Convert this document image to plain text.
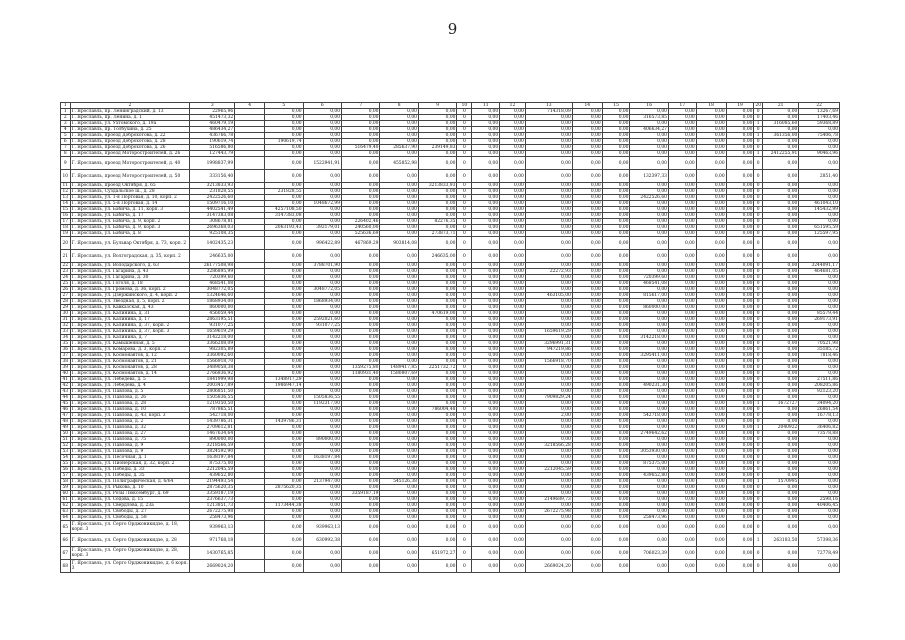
9
1	2	3	4	5	6	7	8	9	10	11	12	13	14	15	16	17	18	19	20	21	22
1	Г. Ярославль, пр. Ленинградский, д. 13	22965,96		0,00	0,00	0,00	0,00	0,00	0	0,00	0,00	714318,09	0,00	0,00	0,00	0,00	0,00	0,00	0	0,00	13267,69
2	Г. Ярославль, пр. Ленина, д. 1	451473,32		0,00	0,00	0,00	0,00	0,00	0	0,00	0,00	0,00	0,00	0,00	316573,85	0,00	0,00	0,00	0	0,00	17403,46
3	Г. Ярославль, ул. Ухтомского, д. 19а	460479,19		0,00	0,00	0,00	0,00	0,00	0	0,00	0,00	0,00	0,00	0,00	0,00	0,00	0,00	0,00	1	316085,60	59368,89
4	Г. Ярославль, пр. Толбухина, д. 25	486434,27		0,00	0,00	0,00	0,00	0,00	0	0,00	0,00	0,00	0,00	0,00	406634,27	0,00	0,00	0,00	0	0,00	0,00
5	Г. Ярославль, проезд Доброхотова, д. 22	436766,78		0,00	0,00	0,00	0,00	0,00	0	0,00	0,00	0,00	0,00	0,00	0,00	0,00	0,00	0,00	1	361356,00	75406,78
6	Г. Ярославль, проезд Доброхотова, д. 28	190619,74		190619,74	0,00	0,00	0,00	0,00	0	0,00	0,00	0,00	0,00	0,00	0,00	0,00	0,00	0,00	0	0,00	0,00
7	Г. Ярославль, проезд Доброхотова, д. 26	516586,80		0,00	0,00	516479,40	285637,90	239149,83	0	0,00	0,00	0,00	0,00	0,00	0,00	0,00	0,00	0,00	0	0,00	0,00
8	Г. Ярославль, проезд Моторостроителей, д. 26	127443,79		0,00	0,00	0,00	0,00	0,00	0	0,00	0,00	0,00	0,00	0,00	0,00	0,00	0,00	0,00	1	2412255,91	90463,96
9	Г. Ярославль, проезд Моторостроителей, д. 40	1998837,99		0,00	1522941,91	0,00	455852,98	0,00	0	0,00	0,00	0,00	0,00	0,00	0,00	0,00	0,00	0,00	0	0,00	0,00
10	Г. Ярославль, проезд Моторостроителей, д. 50	333156,40		0,00	0,00	0,00	0,00	0,00	0	0,00	0,00	0,00	0,00	0,00	132397,33	0,00	0,00	0,00	0	0,00	2851,40
11	Г. Ярославль, проезд Октября, д. 65	3213833,93		0,00	0,00	0,00	0,00	3213833,93	0	0,00	0,00	0,00	0,00	0,00	0,00	0,00	0,00	0,00	0	0,00	0,00
12	Г. Ярославль, Суздальское ш., д. 28	231828,55		231828,55	0,00	0,00	0,00	0,00	0	0,00	0,00	0,00	0,00	0,00	0,00	0,00	0,00	0,00	0	0,00	0,00
13	Г. Ярославль, ул. 1-я Портовая, д. 10, корп. 2	2422526,60		0,00	0,00	0,00	0,00	0,00	0	0,00	0,00	0,00	0,00	0,00	2422526,60	0,00	0,00	0,00	0	0,00	0,00
14	Г. Ярославль, ул. 5-я Портовая, д. 14	1509716,10		0,00	1048672,99	0,00	0,00	0,00	0	0,00	0,00	0,00	0,00	0,00	0,00	0,00	0,00	0,00	0	0,00	461043,10
15	Г. Ярославль, ул. Бабича, д. 11, корп. 3	4402541,49		4257108,50	0,00	0,00	0,00	0,00	0	0,00	0,00	0,00	0,00	0,00	0,00	0,00	0,00	0,00	0	0,00	145432,99
16	Г. Ярославль, ул. Бабича, д. 17	3147383,08		3147383,08	0,00	0,00	0,00	0,00	0	0,00	0,00	0,00	0,00	0,00	0,00	0,00	0,00	0,00	0	0,00	0,00
17	Г. Ярославль, ул. Бабича, д. 9, корп. 2	308678,81		0,00	0,00	226402,46	0,00	82276,35	0	0,00	0,00	0,00	0,00	0,00	0,00	0,00	0,00	0,00	0	0,00	0,00
18	Г. Ярославль, ул. Бабича, д. 9, корп. 3	2696368,03		2063193,43	392179,01	240560,00	0,00	0,00	0	0,00	0,00	0,00	0,00	0,00	0,00	0,00	0,00	0,00	0	0,00	651595,59
19	Г. Ярославль, ул. Бабича, д. 8	925108,35		0,00	0,00	525636,69	0,00	273873,71	0	0,00	0,00	0,00	0,00	0,00	0,00	0,00	0,00	0,00	0	0,00	125597,95
20	Г. Ярославль, ул. Бульвар Октября, д. 73, корп. 2	1402435,23		0,00	996422,89	467869,29	903814,08	0,00	0	0,00	0,00	0,00	0,00	0,00	0,00	0,00	0,00	0,00	0	0,00	0,00
21	Г. Ярославль, ул. Волгоградская, д. 35, корп. 2	246635,00		0,00	0,00	0,00	0,00	246635,00	0	0,00	0,00	0,00	0,00	0,00	0,00	0,00	0,00	0,00	0	0,00	0,00
22	Г. Ярославль, ул. Володарского, д. 63	26177508,98		0,00	3788701,90	0,00	0,00	0,00	0	0,00	0,00	0,00	0,00	0,00	0,00	0,00	0,00	0,00	0	0,00	3244091,17
23	Г. Ярославль, ул. Гагарина, д. 43	3286895,99		0,00	0,00	0,00	0,00	0,00	0	0,00	0,00	22272,93	0,00	0,00	0,00	0,00	0,00	0,00	0	0,00	464681,05
24	Г. Ярославль, ул. Гагарина, д. 30	720399,60		0,00	0,00	0,00	0,00	0,00	0	0,00	0,00	0,00	0,00	0,00	720399,60	0,00	0,00	0,00	0	0,00	0,00
25	Г. Ярославль, ул. Гоголя, д. 18	468541,08		0,00	0,00	0,00	0,00	0,00	0	0,00	0,00	0,00	0,00	0,00	468541,08	0,00	0,00	0,00	0	0,00	0,00
26	Г. Ярославль, ул. Громова, д. 36, корп. 2	3048772,05		0,00	3048772,05	0,00	0,00	0,00	0	0,00	0,00	0,00	0,00	0,00	0,00	0,00	0,00	0,00	0	0,00	0,00
27	Г. Ярославль, ул. Дзержинского, д. 4, корп. 2	1324646,60		0,00	0,00	0,00	0,00	0,00	0	0,00	0,00	463105,00	0,00	0,00	815617,00	0,00	0,00	0,00	0	0,00	0,00
28	Г. Ярославль, ул. Звездная, д. 5, корп. 2	1868934,00		0,00	1868934,00	0,00	0,00	0,00	0	0,00	0,00	0,00	0,00	0,00	0,00	0,00	0,00	0,00	0	0,00	0,00
29	Г. Ярославль, ул. Кавказская, д. 43	860000,00		0,00	0,00	0,00	0,00	0,00	0	0,00	0,00	0,00	0,00	0,00	860000,00	0,00	0,00	0,00	0	0,00	0,00
30	Г. Ярославль, ул. Калинина, д. 31	456059,44		0,00	0,00	0,00	0,00	470619,00	0	0,00	0,00	0,00	0,00	0,00	0,00	0,00	0,00	0,00	0	0,00	85579,44
31	Г. Ярославль, ул. Калинина, д. 17	2863195,51		0,00	2592021,60	0,00	0,00	0,00	0	0,00	0,00	0,00	0,00	0,00	0,00	0,00	0,00	0,00	0	0,00	269173,91
32	Г. Ярославль, ул. Калинина, д. 37, корп. 2	931077,25		0,00	931077,25	0,00	0,00	0,00	0	0,00	0,00	0,00	0,00	0,00	0,00	0,00	0,00	0,00	0	0,00	0,00
33	Г. Ярославль, ул. Калинина, д. 37, корп. 3	1659619,29		0,00	0,00	0,00	0,00	0,00	0	0,00	0,00	1659619,29	0,00	0,00	0,00	0,00	0,00	0,00	0	0,00	0,00
34	Г. Ярославль, ул. Калинина, д. 7	3142218,00		0,00	0,00	0,00	0,00	0,00	0	0,00	0,00	0,00	0,00	0,00	3142218,00	0,00	0,00	0,00	0	0,00	0,00
35	Г. Ярославль, ул. Камышенная, д. 5	3366208,09		0,00	0,00	0,00	0,00	0,00	0	0,00	0,00	3296991,31	0,00	0,00	0,00	0,00	0,00	0,00	0	0,00	70521,98
36	Г. Ярославль, ул. Комарова, д. 3, корп. 2	982305,89		0,00	0,00	0,00	0,00	0,00	0	0,00	0,00	947219,86	0,00	0,00	0,00	0,00	0,00	0,00	0	0,00	35185,72
37	Г. Ярославль, ул. Космонавтов, д. 12	3360092,60		0,00	0,00	0,00	0,00	0,00	0	0,00	0,00	0,00	0,00	0,00	3295411,00	0,00	0,00	0,00	0	0,00	7818,46
38	Г. Ярославль, ул. Космонавтов, д. 21	1566918,70		0,00	0,00	0,00	0,00	0,00	0	0,00	0,00	1566918,70	0,00	0,00	0,00	0,00	0,00	0,00	0	0,00	0,00
39	Г. Ярославль, ул. Космонавтов, д. 28	3489058,38		0,00	0,00	1359275,80	1489417,85	2251732,72	0	0,00	0,00	0,00	0,00	0,00	0,00	0,00	0,00	0,00	0	0,00	0,00
40	Г. Ярославль, ул. Космонавтов, д. 14	2766836,92		0,00	0,00	1180931,40	1580807,69	0,00	0	0,00	0,00	0,00	0,00	0,00	0,00	0,00	0,00	0,00	0	0,00	0,00
41	Г. Ярославль, ул. Лебедева, д. 5	1841999,98		1348917,29	0,00	0,00	0,00	0,00	0	0,00	0,00	0,00	0,00	0,00	0,00	0,00	0,00	0,00	0	0,00	27511,86
42	Г. Ярославль, ул. Лебедева, д. 4	2003457,89		1986947,14	0,00	0,00	0,00	0,00	0	0,00	0,00	0,00	0,00	0,00	490231,30	0,00	0,00	0,00	0	0,00	208205,86
43	Г. Ярославль, ул. Павлова, д. 5	2806851,50		0,00	0,00	0,00	0,00	0,00	0	0,00	0,00	0,00	0,00	0,00	0,00	0,00	0,00	0,00	0	0,00	92123,20
44	Г. Ярославль, ул. Павлова, д. 26	1505836,55		0,00	1505836,55	0,00	0,00	0,00	0	0,00	0,00	7909829,24	0,00	0,00	0,00	0,00	0,00	0,00	0	0,00	0,00
45	Г. Ярославль, ул. Павлова, д. 28	1219350,50		0,00	1192317,00	0,00	0,00	0,00	0	0,00	0,00	0,00	0,00	0,00	0,00	0,00	0,00	0,00	1	1672727	34094,20
46	Г. Ярославль, ул. Павлова, д. 10	787865,51		0,00	0,00	0,00	0,00	786004,48	0	0,00	0,00	0,00	0,00	0,00	0,00	0,00	0,00	0,00	0	0,00	26861,54
47	Г. Ярославль, ул. Павлова, д. 43, корп. 3	542718,00		0,00	0,00	0,00	0,00	0,00	0	0,00	0,00	2,00	0,00	0,00	542718,00	0,00	0,00	0,00	0	0,00	16778,13
48	Г. Ярославль, ул. Павлова, д. 2	1439786,31		1439786,31	0,00	0,00	0,00	0,00	0	0,00	0,00	0,00	0,00	0,00	0,00	0,00	0,00	0,00	0	0,00	0,00
49	Г. Ярославль, ул. Павлова, д. 32	2709612,81		0,00	0,00	0,00	0,00	0,00	0	0,00	0,00	0,00	0,00	0,00	0,00	0,00	0,00	0,00	1	2040922	36406,82
50	Г. Ярославль, ул. Павлова, д. 27	1467634,64		0,00	0,00	0,00	0,00	0,00	0	0,00	0,00	0,00	0,00	0,00	2749642,62	0,00	0,00	0,00	0	0,00	73578,88
51	Г. Ярославль, ул. Павлова, д. 75	890000,00		0,00	890000,00	0,00	0,00	0,00	0	0,00	0,00	0,00	0,00	0,00	0,00	0,00	0,00	0,00	0	0,00	0,00
52	Г. Ярославль, ул. Павлова, д. 9	3218566,59		0,00	0,00	0,00	0,00	0,00	0	0,00	0,00	3218566,28	0,00	0,00	0,00	0,00	0,00	0,00	0	0,00	0,00
53	Г. Ярославль, ул. Павлова, д. 9	3824592,90		0,00	0,00	0,00	0,00	0,00	0	0,00	0,00	0,00	0,00	0,00	3053930,00	0,00	0,00	0,00	0	0,00	0,00
54	Г. Ярославль, ул. Песочная, д. 1	1638197,84		0,00	1638197,84	0,00	0,00	0,00	0	0,00	0,00	0,00	0,00	0,00	0,00	0,00	0,00	0,00	0	0,00	0,00
55	Г. Ярославль, ул. Пионерская, д. 32, корп. 2	875375,00		0,00	0,00	0,00	0,00	0,00	0	0,00	0,00	0,00	0,00	0,00	875375,00	0,00	0,00	0,00	0	0,00	0,00
56	Г. Ярославль, ул. Победы, д. 33	2212045,59		0,00	0,00	0,00	0,00	0,00	0	0,00	0,00	2212045,59	0,00	0,00	0,00	0,00	0,00	0,00	0	0,00	0,00
57	Г. Ярославль, ул. Победы, д. 35	439652,80		0,00	0,00	0,00	0,00	0,00	0	0,00	0,00	0,00	0,00	0,00	439652,80	0,00	0,00	0,00	0	0,00	0,00
58	Г. Ярославль, ул. Полиграфическая, д. 6/64	2194493,54		0,00	2137947,00	0,00	545126,38	0,00	0	0,00	0,00	0,00	0,00	0,00	0,00	0,00	0,00	0,00	1	1570995	0,00
59	Г. Ярославль, ул. Рыкова, д. 10	2875620,35		2875620,35	0,00	0,00	0,00	0,00	0	0,00	0,00	0,00	0,00	0,00	0,00	0,00	0,00	0,00	0	0,00	0,00
60	Г. Ярославль, ул. Розы Люксембург, д. 69	3359187,19		0,00	0,00	3359187,19	0,00	0,00	0	0,00	0,00	0,00	0,00	0,00	0,00	0,00	0,00	0,00	0	0,00	0,00
61	Г. Ярославль, ул. Седова, д. 15	2376637,73		0,00	0,00	0,00	0,00	0,00	0	0,00	0,00	2149689,73	0,00	0,00	0,00	0,00	0,00	0,00	0	0,00	2598,16
62	Г. Ярославль, ул. Свердлова, д. 23а	1213851,73		1173444,38	0,00	0,00	0,00	0,00	0	0,00	0,00	0,00	0,00	0,00	0,00	0,00	0,00	0,00	0	0,00	40406,45
63	Г. Ярославль, ул. Свободы, д. 27	2672275,98		0,00	0,00	0,00	0,00	0,00	0	0,00	0,00	2672275,98	0,00	0,00	0,00	0,00	0,00	0,00	0	0,00	0,00
64	Г. Ярославль, ул. Свободы, д. 58	258473,96		0,00	0,00	0,00	0,00	0,00	0	0,00	0,00	0,00	0,00	0,00	258473,96	0,00	0,00	0,00	0	0,00	0,00
65	Г. Ярославль, ул. Серго Орджоникидзе, д. 18, корп. 3	939963,13		0,00	939963,13	0,00	0,00	0,00	0	0,00	0,00	0,00	0,00	0,00	0,00	0,00	0,00	0,00	0	0,00	0,00
66	Г. Ярославль, ул. Серго Орджоникидзе, д. 28	971768,18		0,00	630992,38	0,00	0,00	0,00	0	0,00	0,00	0,00	0,00	0,00	0,00	0,00	0,00	0,00	1	263183,50	57398,36
67	Г. Ярославль, ул. Серго Орджоникидзе, д. 28, корп. 3	1430765,85		0,00	0,00	0,00	0,00	651972,27	0	0,00	0,00	0,00	0,00	0,00	706023,39	0,00	0,00	0,00	0	0,00	72778,49
68	Г. Ярославль, ул. Серго Орджоникидзе, д. 6 корп. 3	2669024,20		0,00	0,00	0,00	0,00	0,00	0	0,00	0,00	2669024,20	0,00	0,00	0,00	0,00	0,00	0,00	0	0,00	0,00
